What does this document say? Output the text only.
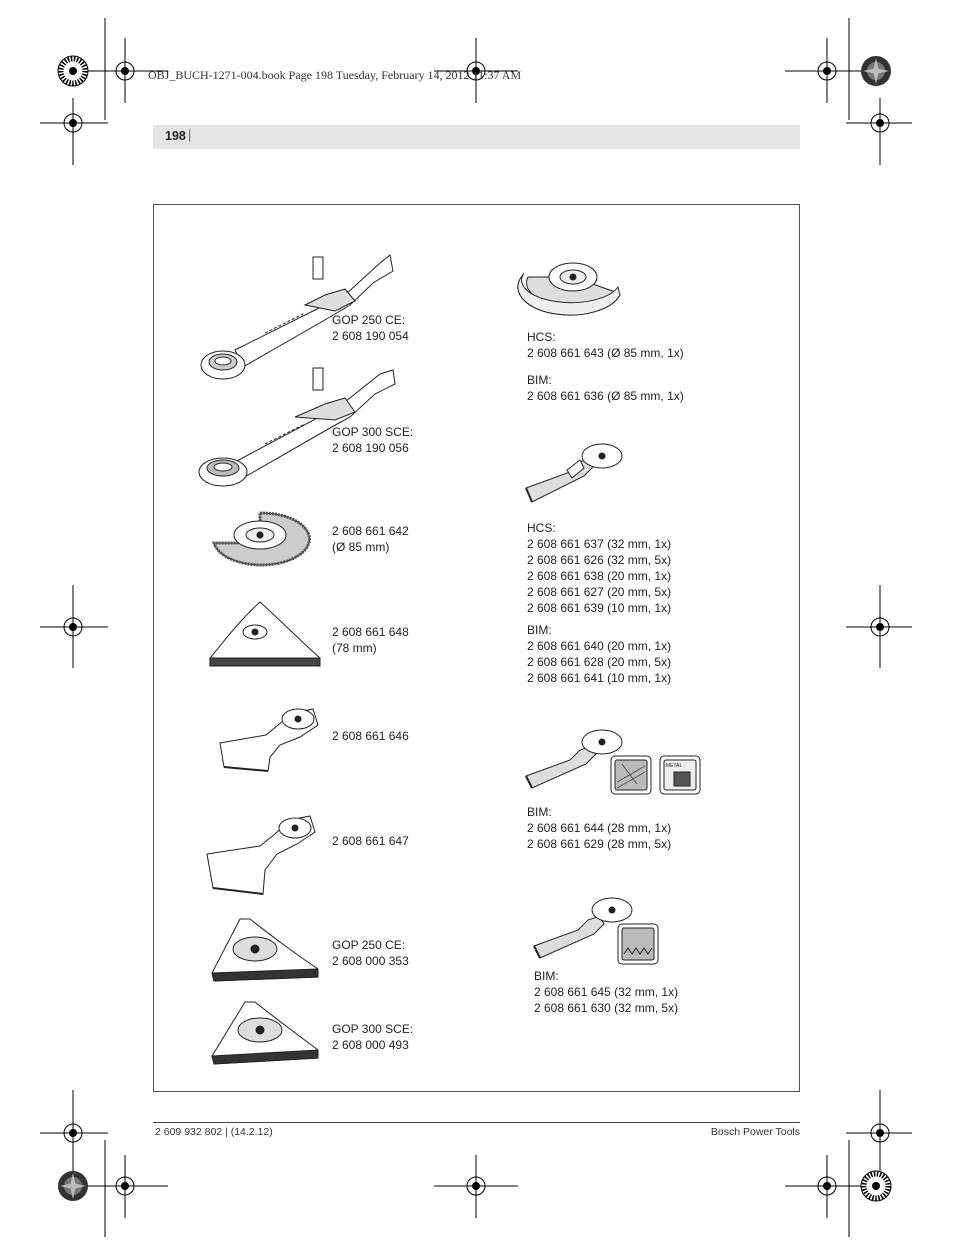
OBJ_BUCH-1271-004.book Page 198 Tuesday, February 14, 2012 11:37 AM
198 |
GOP 250 CE:
2 608 190 054
GOP 300 SCE:
2 608 190 056
2 608 661 642
(Ø 85 mm)
2 608 661 648
(78 mm)
2 608 661 646
2 608 661 647
GOP 250 CE:
2 608 000 353
GOP 300 SCE:
2 608 000 493
METAL
HCS:
2 608 661 643 (Ø 85 mm, 1x)
BIM:
2 608 661 636 (Ø 85 mm, 1x)
HCS:
2 608 661 637 (32 mm, 1x)
2 608 661 626 (32 mm, 5x)
2 608 661 638 (20 mm, 1x)
2 608 661 627 (20 mm, 5x)
2 608 661 639 (10 mm, 1x)
BIM:
2 608 661 640 (20 mm, 1x)
2 608 661 628 (20 mm, 5x)
2 608 661 641 (10 mm, 1x)
BIM:
2 608 661 644 (28 mm, 1x)
2 608 661 629 (28 mm, 5x)
BIM:
2 608 661 645 (32 mm, 1x)
2 608 661 630 (32 mm, 5x)
2 609 932 802 | (14.2.12)	Bosch Power Tools
